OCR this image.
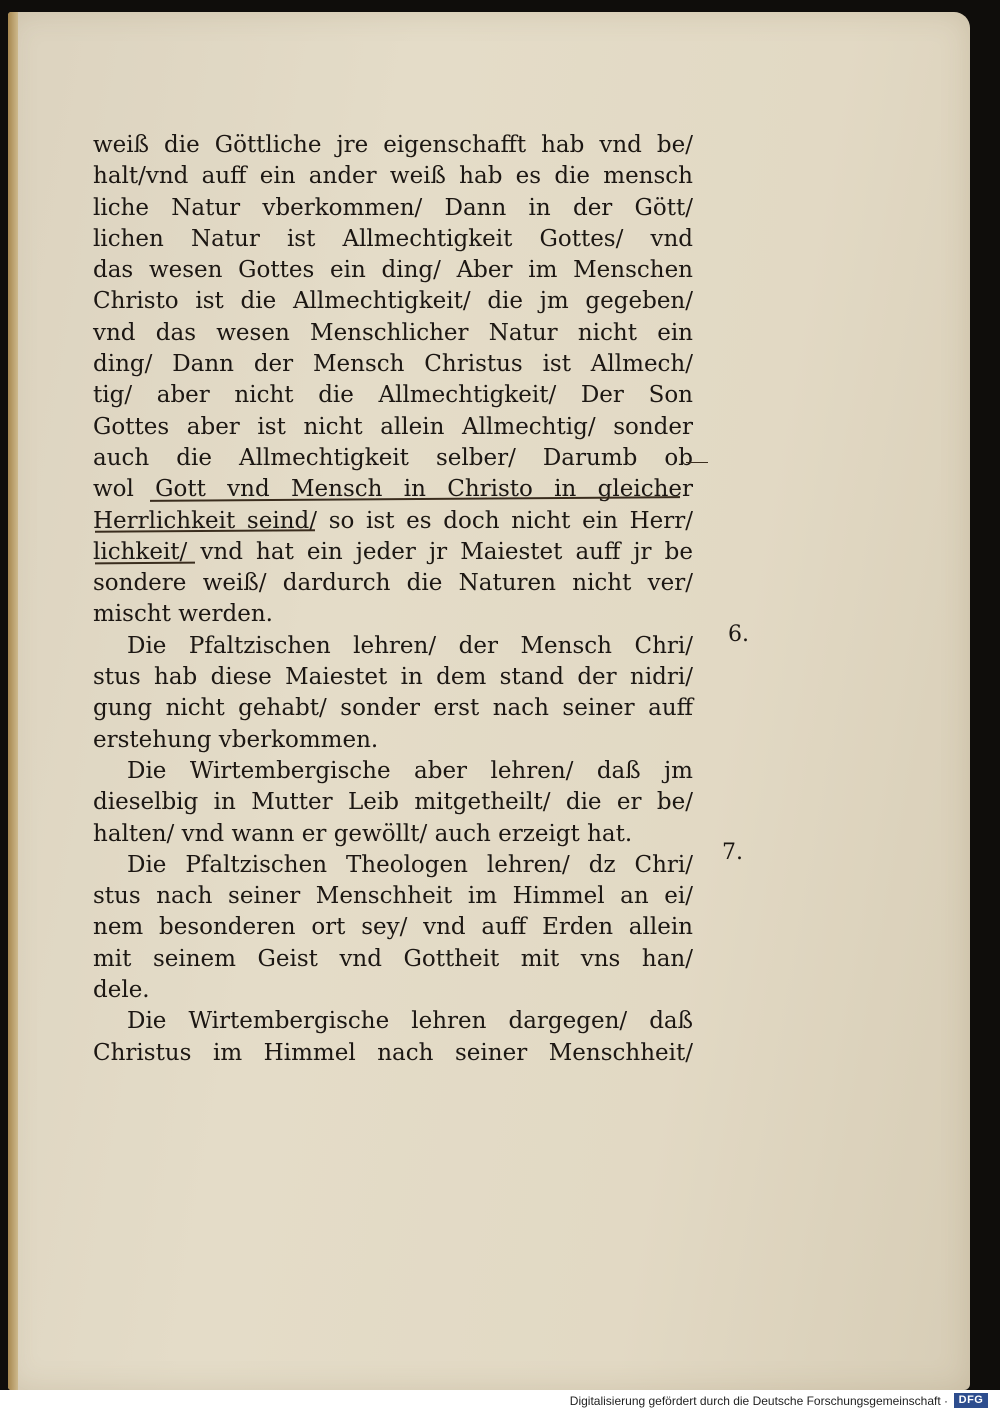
weiß die Göttliche jre eigenschafft hab vnd be/
halt/vnd auff ein ander weiß hab es die mensch
liche Natur vberkommen/ Dann in der Gött/
lichen Natur ist Allmechtigkeit Gottes/ vnd
das wesen Gottes ein ding/ Aber im Menschen
Christo ist die Allmechtigkeit/ die jm gegeben/
vnd das wesen Menschlicher Natur nicht ein
ding/ Dann der Mensch Christus ist Allmech/
tig/ aber nicht die Allmechtigkeit/ Der Son
Gottes aber ist nicht allein Allmechtig/ sonder
auch die Allmechtigkeit selber/ Darumb ob
wol Gott vnd Mensch in Christo in gleicher
Herrlichkeit seind/ so ist es doch nicht ein Herr/
lichkeit/ vnd hat ein jeder jr Maiestet auff jr be
sondere weiß/ dardurch die Naturen nicht ver/
mischt werden.
Die Pfaltzischen lehren/ der Mensch Chri/
stus hab diese Maiestet in dem stand der nidri/
gung nicht gehabt/ sonder erst nach seiner auff
erstehung vberkommen.
Die Wirtembergische aber lehren/ daß jm
dieselbig in Mutter Leib mitgetheilt/ die er be/
halten/ vnd wann er gewöllt/ auch erzeigt hat.
Die Pfaltzischen Theologen lehren/ dz Chri/
stus nach seiner Menschheit im Himmel an ei/
nem besonderen ort sey/ vnd auff Erden allein
mit seinem Geist vnd Gottheit mit vns han/
dele.
Die Wirtembergische lehren dargegen/ daß
Christus im Himmel nach seiner Menschheit/
6.
7.
Digitalisierung gefördert durch die Deutsche Forschungsgemeinschaft · DFG
